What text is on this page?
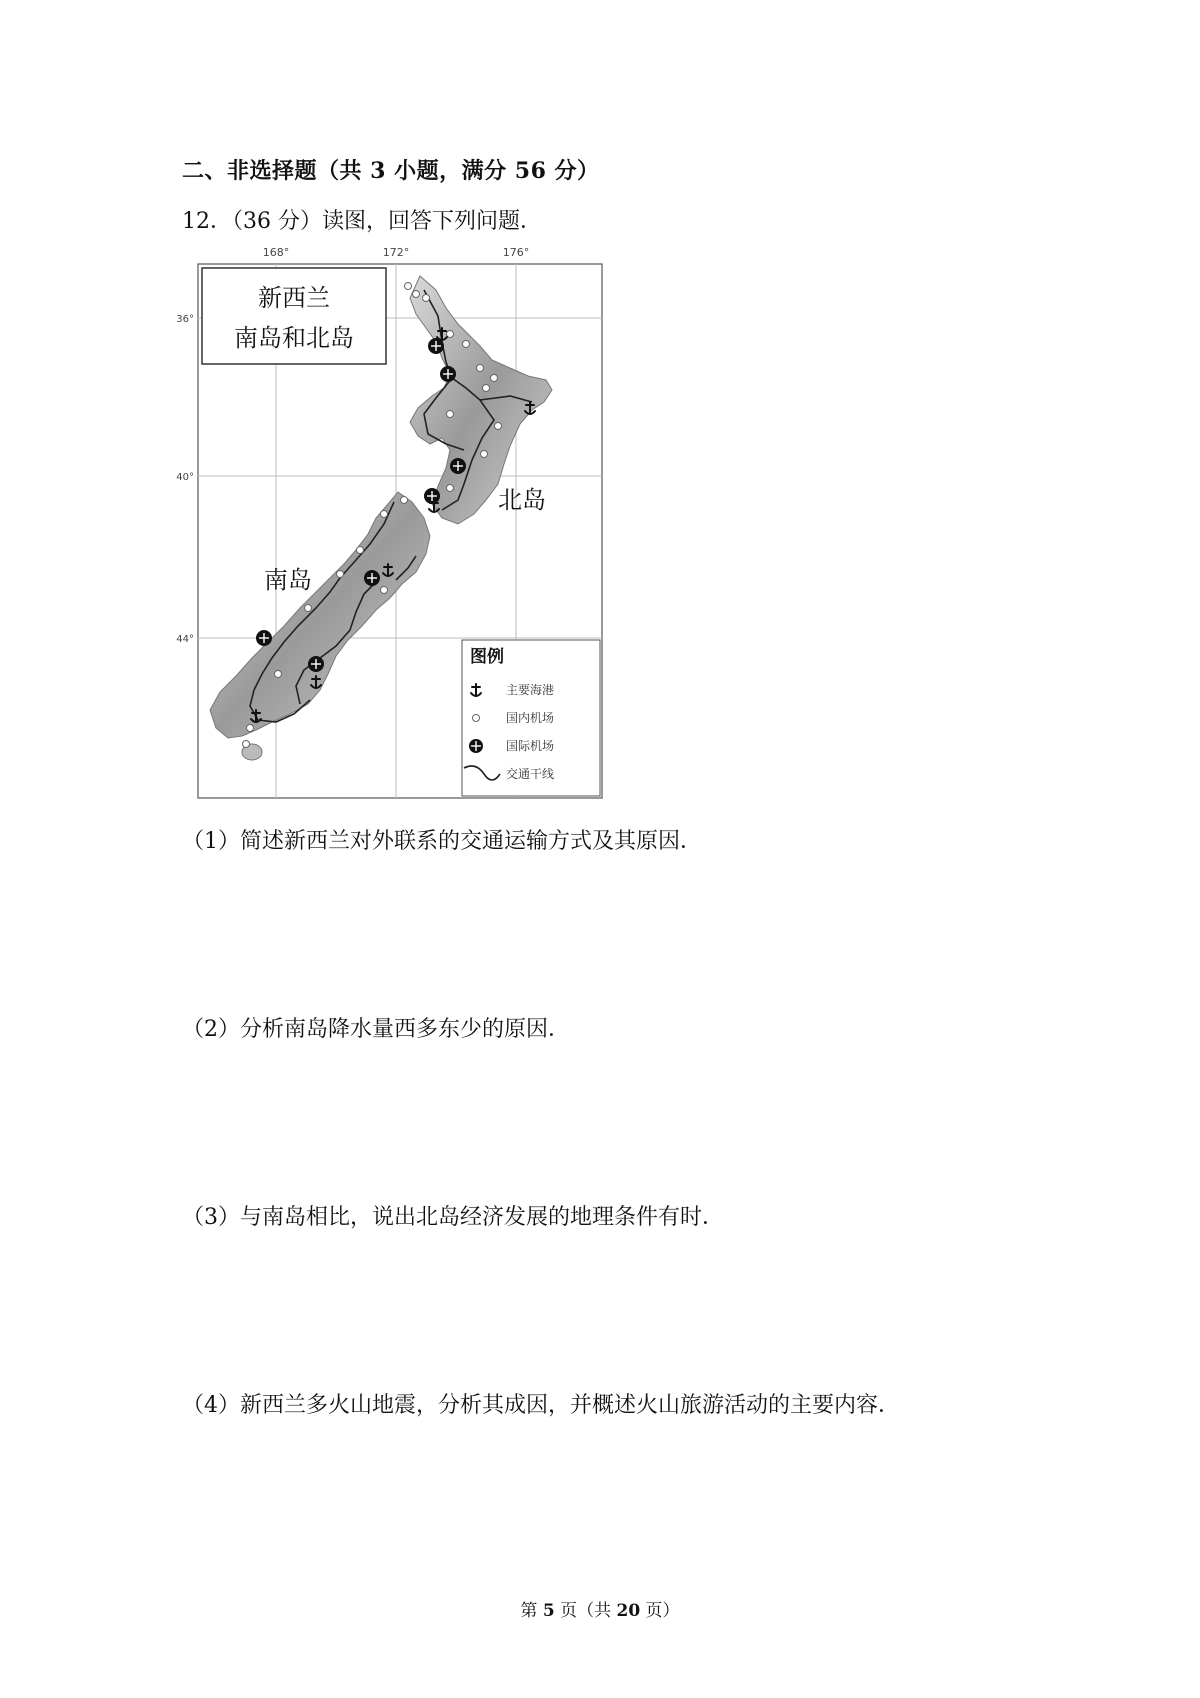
二、非选择题（共 3 小题，满分 56 分）
12．（36 分）读图，回答下列问题．
168°	172°	176°
36°
40°
44°
新西兰
南岛和北岛
北岛
南岛
图例
主要海港
国内机场
国际机场
交通干线
（1）简述新西兰对外联系的交通运输方式及其原因．
（2）分析南岛降水量西多东少的原因．
（3）与南岛相比，说出北岛经济发展的地理条件有时．
（4）新西兰多火山地震，分析其成因，并概述火山旅游活动的主要内容．
第 5 页（共 20 页）
